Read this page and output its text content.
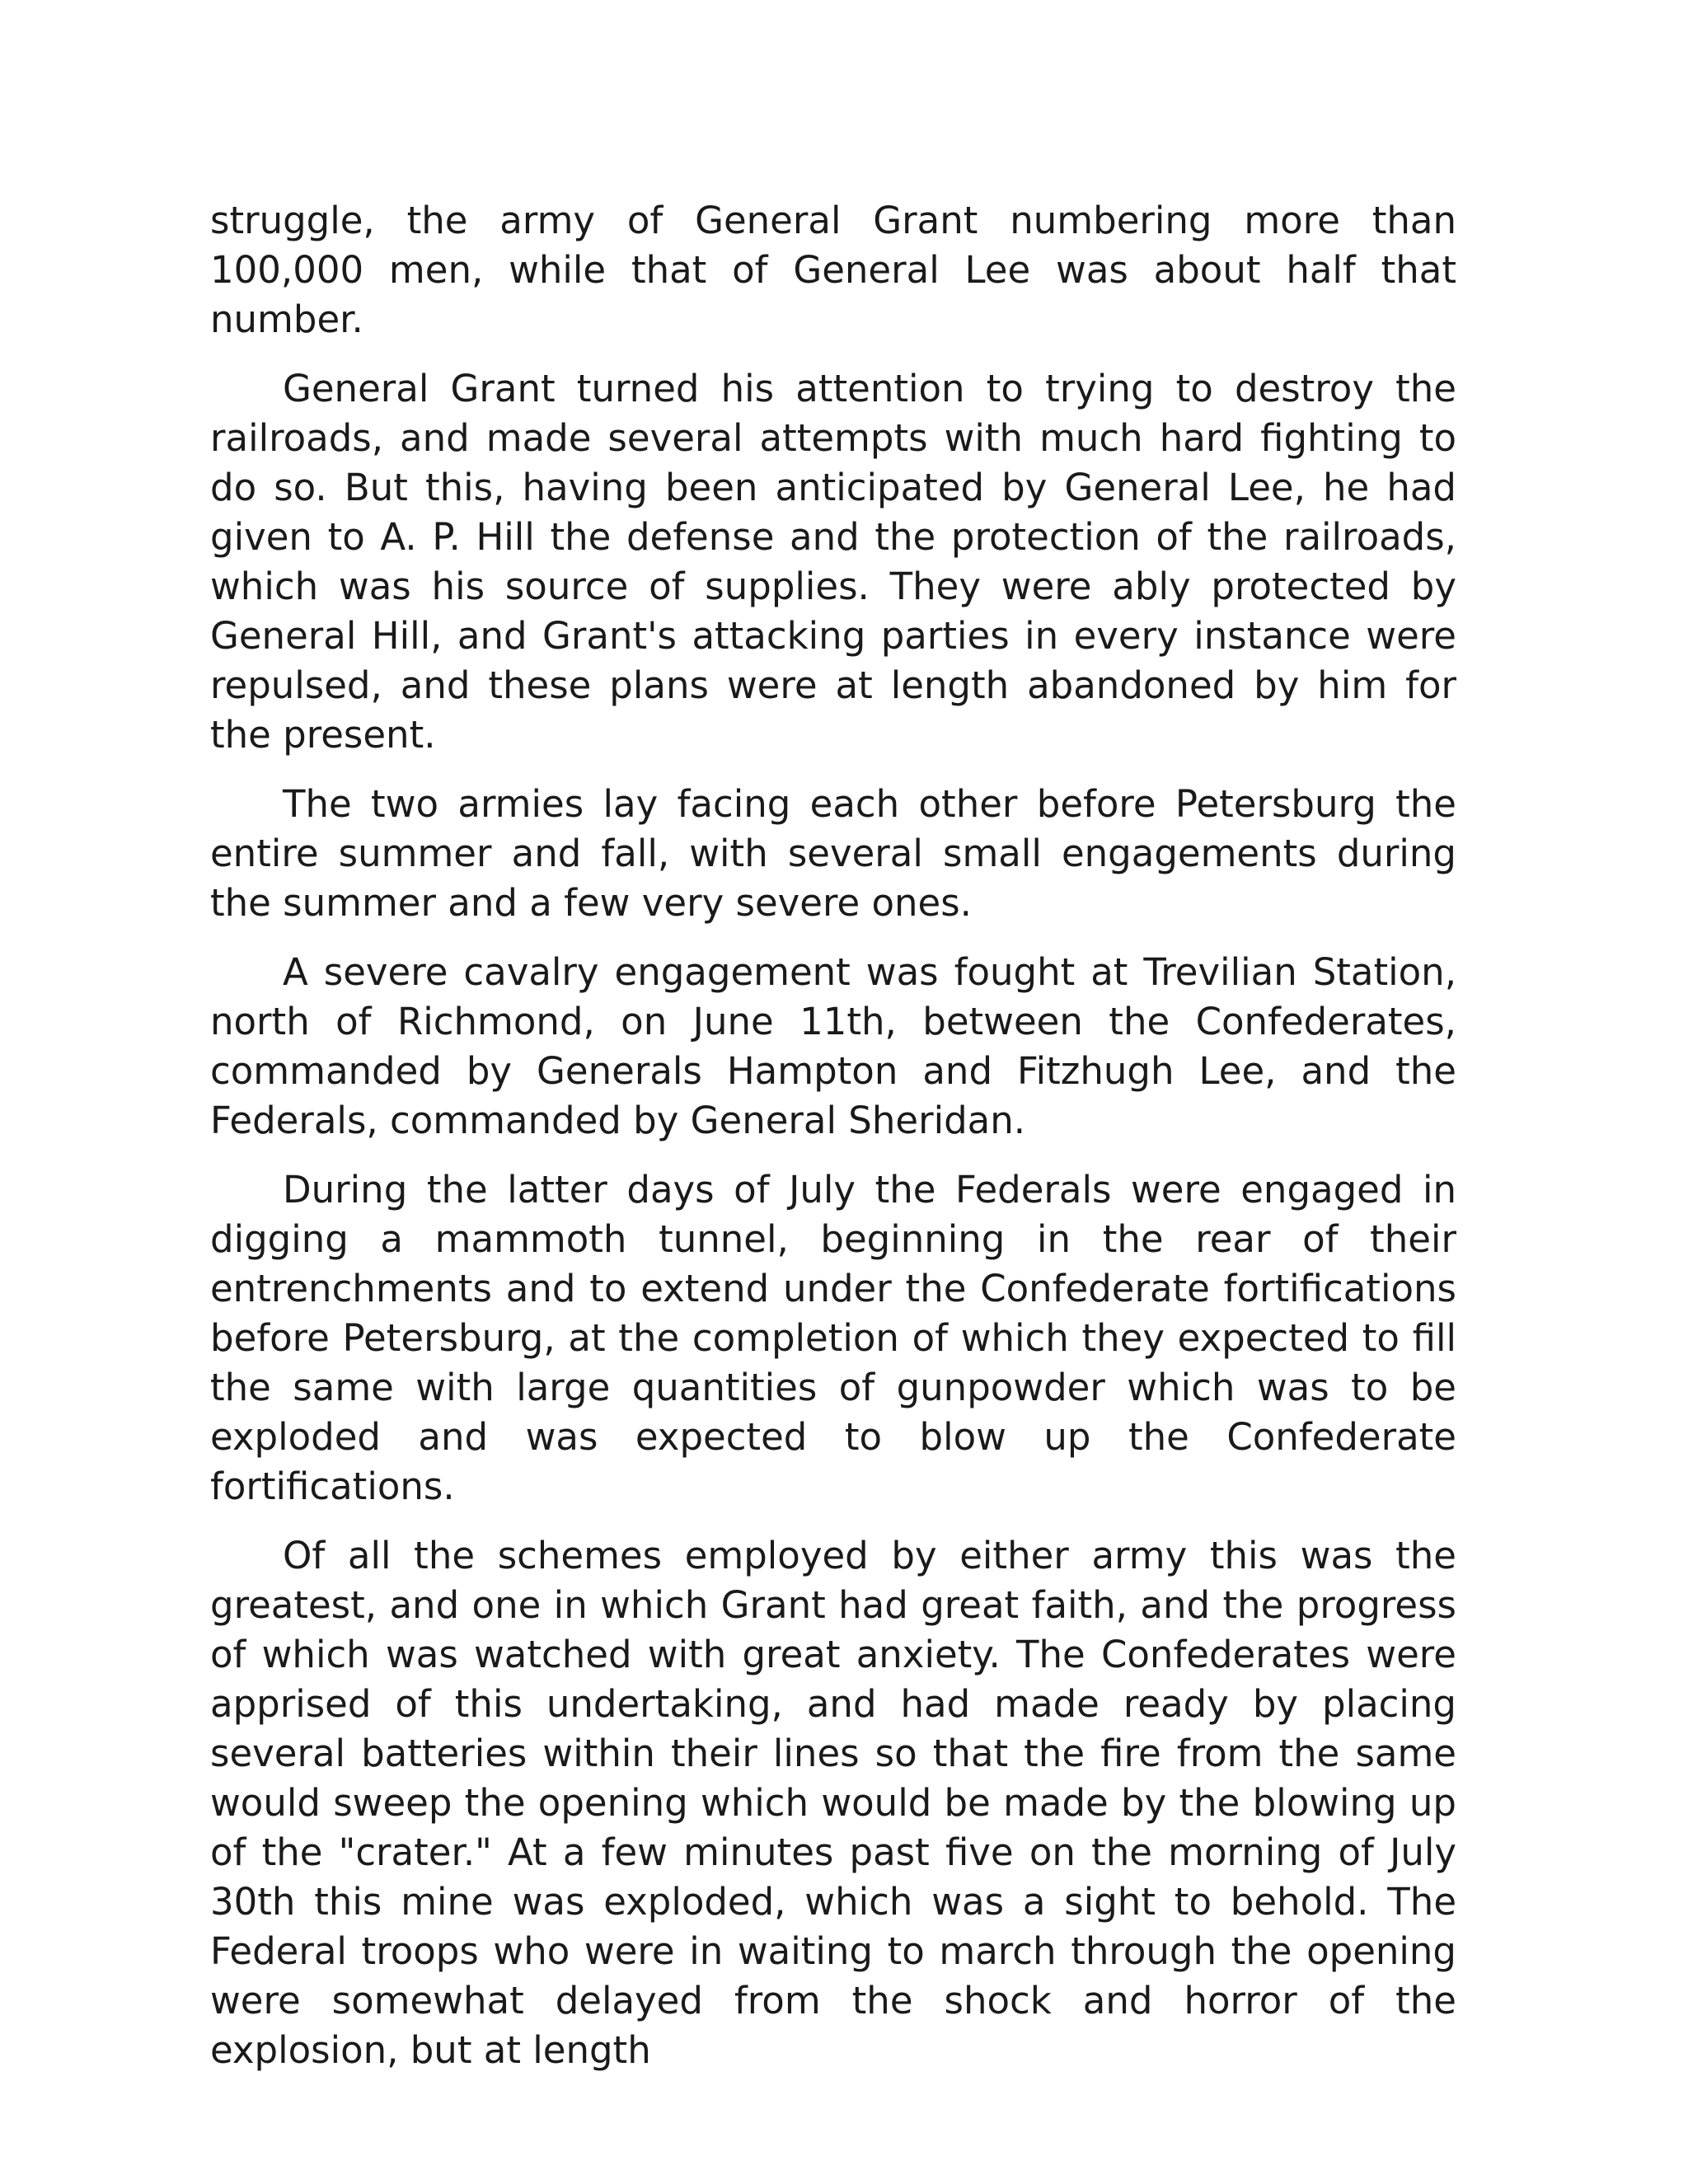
struggle, the army of General Grant numbering more than 100,000 men, while that of General Lee was about half that number.

General Grant turned his attention to trying to destroy the railroads, and made several attempts with much hard fighting to do so. But this, having been anticipated by General Lee, he had given to A. P. Hill the defense and the protection of the railroads, which was his source of supplies. They were ably protected by General Hill, and Grant's attacking parties in every instance were repulsed, and these plans were at length abandoned by him for the present.

The two armies lay facing each other before Petersburg the entire summer and fall, with several small engagements during the summer and a few very severe ones.

A severe cavalry engagement was fought at Trevilian Station, north of Richmond, on June 11th, between the Confederates, commanded by Generals Hampton and Fitzhugh Lee, and the Federals, commanded by General Sheridan.

During the latter days of July the Federals were engaged in digging a mammoth tunnel, beginning in the rear of their entrenchments and to extend under the Confederate fortifications before Petersburg, at the completion of which they expected to fill the same with large quantities of gunpowder which was to be exploded and was expected to blow up the Confederate fortifications.

Of all the schemes employed by either army this was the greatest, and one in which Grant had great faith, and the progress of which was watched with great anxiety. The Confederates were apprised of this undertaking, and had made ready by placing several batteries within their lines so that the fire from the same would sweep the opening which would be made by the blowing up of the "crater." At a few minutes past five on the morning of July 30th this mine was exploded, which was a sight to behold. The Federal troops who were in waiting to march through the opening were somewhat delayed from the shock and horror of the explosion, but at length
